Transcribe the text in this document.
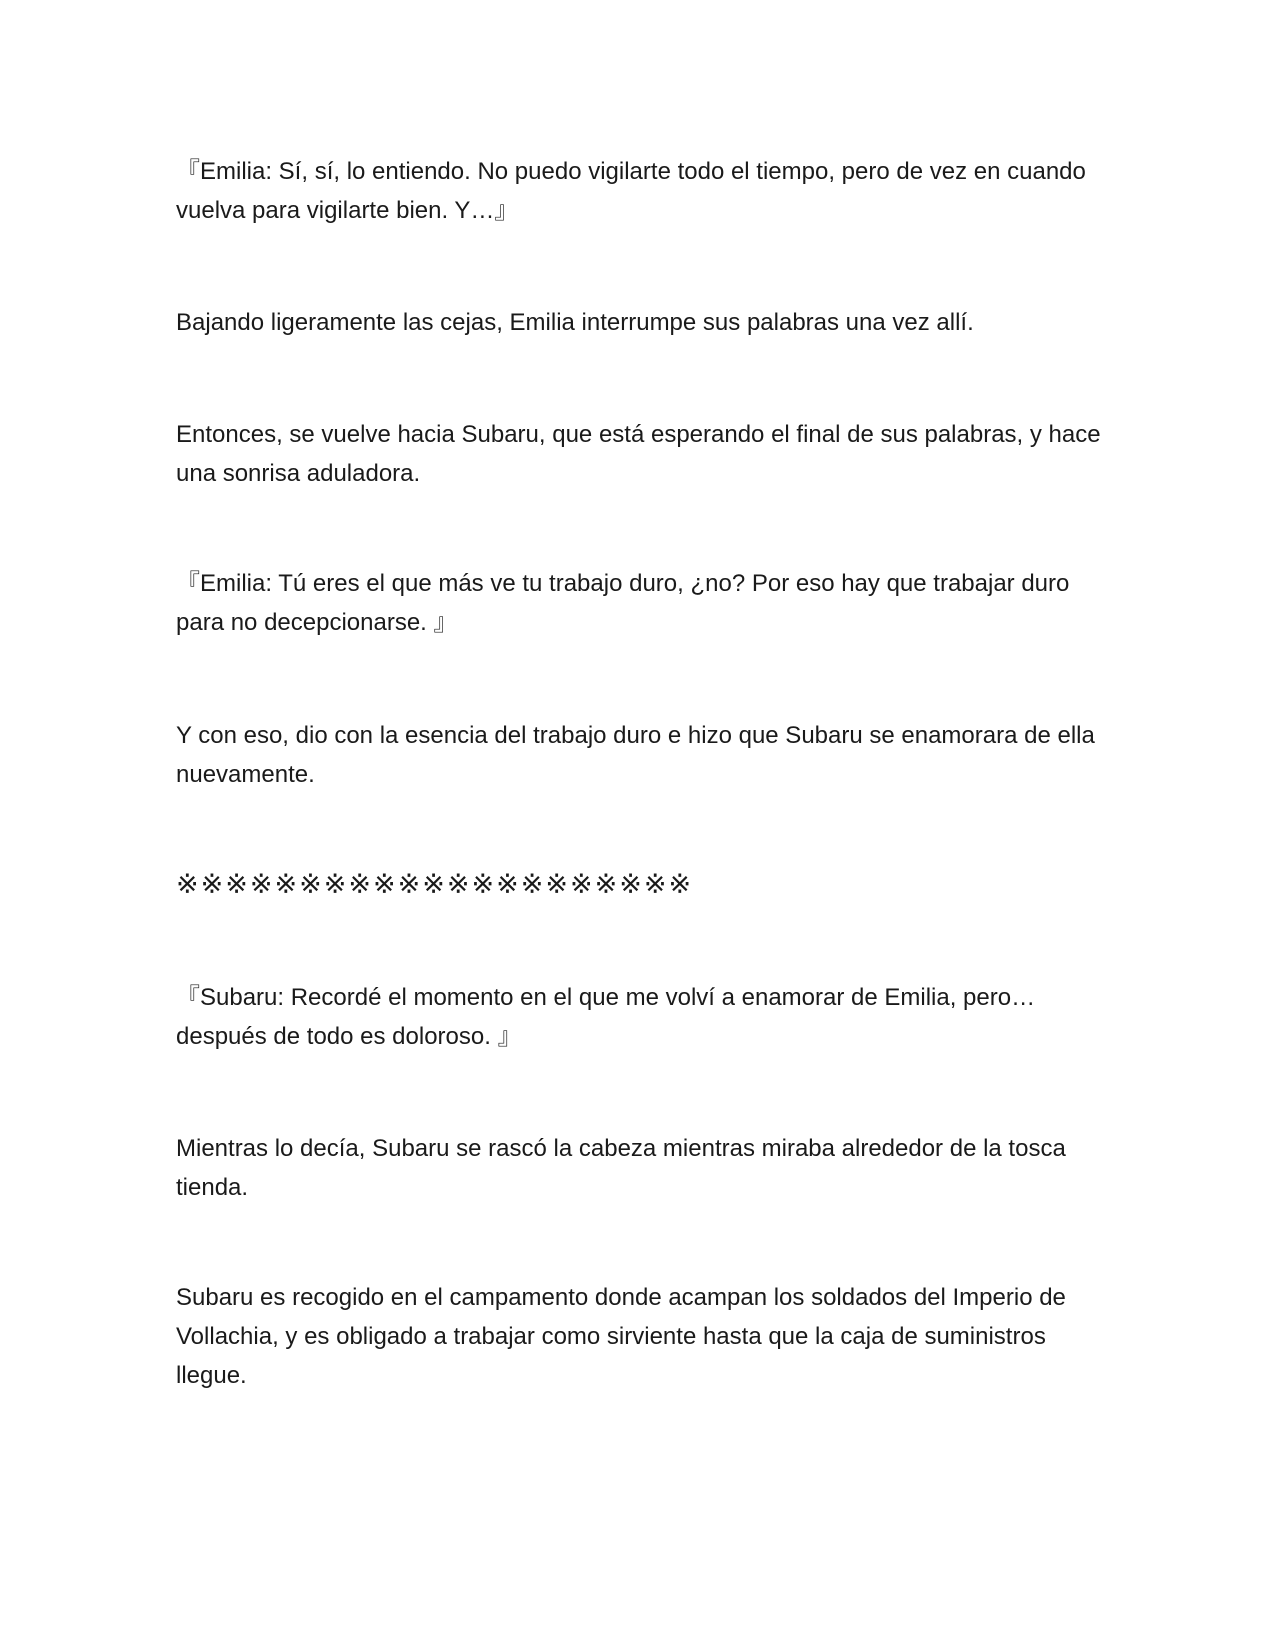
『Emilia: Sí, sí, lo entiendo. No puedo vigilarte todo el tiempo, pero de vez en cuando vuelva para vigilarte bien. Y…』

Bajando ligeramente las cejas, Emilia interrumpe sus palabras una vez allí.

Entonces, se vuelve hacia Subaru, que está esperando el final de sus palabras, y hace una sonrisa aduladora.

『Emilia: Tú eres el que más ve tu trabajo duro, ¿no? Por eso hay que trabajar duro para no decepcionarse. 』

Y con eso, dio con la esencia del trabajo duro e hizo que Subaru se enamorara de ella nuevamente.

※※※※※※※※※※※※※※※※※※※※※

『Subaru: Recordé el momento en el que me volví a enamorar de Emilia, pero… después de todo es doloroso. 』

Mientras lo decía, Subaru se rascó la cabeza mientras miraba alrededor de la tosca tienda.

Subaru es recogido en el campamento donde acampan los soldados del Imperio de Vollachia, y es obligado a trabajar como sirviente hasta que la caja de suministros llegue.
